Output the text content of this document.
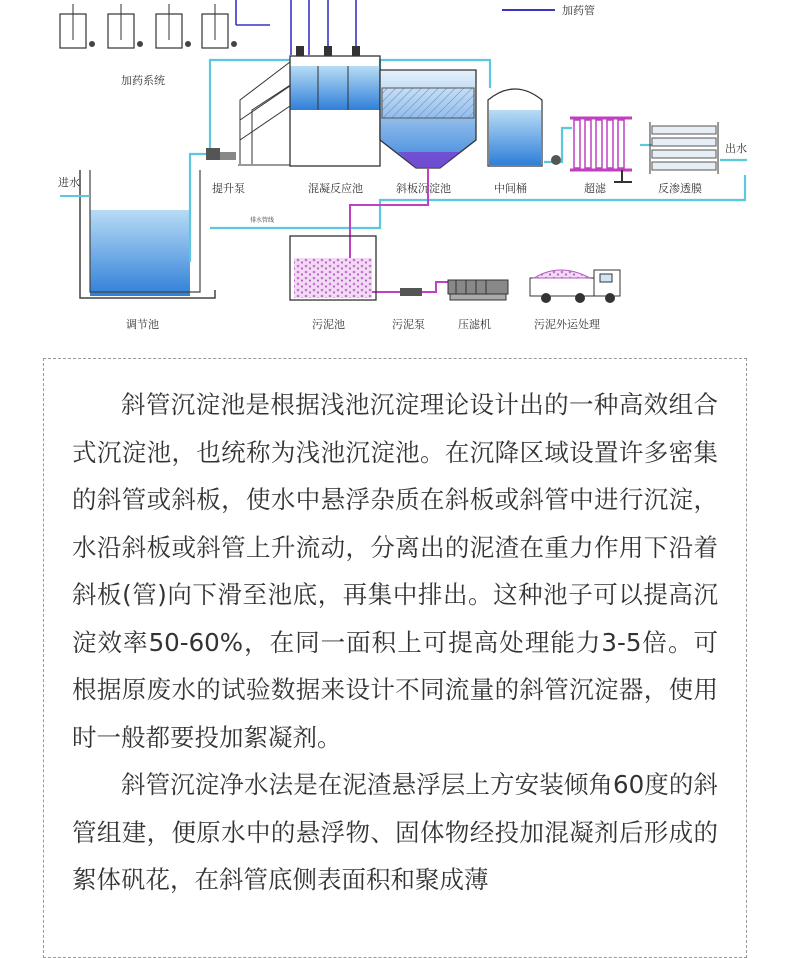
加药管
加药系统
调节池
进水
出水
提升泵	混凝反应池	斜板沉淀池	中间桶	超滤	反渗透膜
排水管线
污泥池	污泥泵	压滤机	污泥外运处理

斜管沉淀池是根据浅池沉淀理论设计出的一种高效组合式沉淀池，也统称为浅池沉淀池。在沉降区域设置许多密集的斜管或斜板，使水中悬浮杂质在斜板或斜管中进行沉淀，水沿斜板或斜管上升流动，分离出的泥渣在重力作用下沿着斜板(管)向下滑至池底，再集中排出。这种池子可以提高沉淀效率50-60%，在同一面积上可提高处理能力3-5倍。可根据原废水的试验数据来设计不同流量的斜管沉淀器，使用时一般都要投加絮凝剂。

斜管沉淀净水法是在泥渣悬浮层上方安装倾角60度的斜管组建，便原水中的悬浮物、固体物经投加混凝剂后形成的絮体矾花，在斜管底侧表面积和聚成薄
